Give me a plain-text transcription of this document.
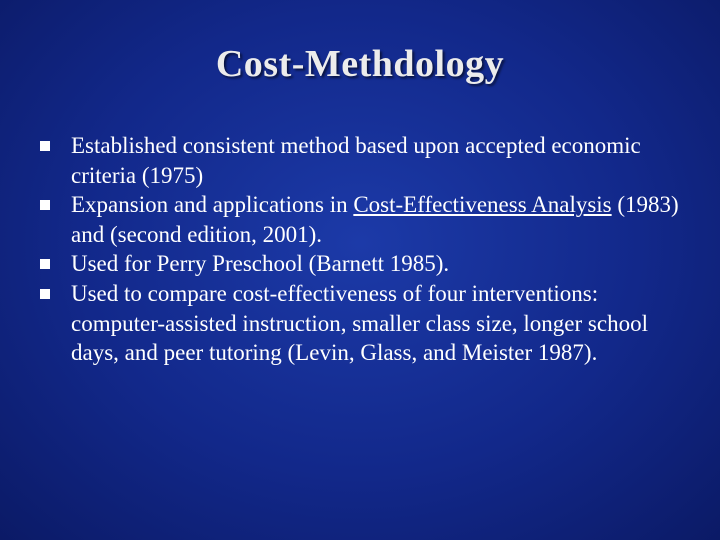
Cost-Methdology
Established consistent method based upon accepted economic criteria (1975)
Expansion and applications in Cost-Effectiveness Analysis (1983) and (second edition, 2001).
Used for Perry Preschool (Barnett 1985).
Used to compare cost-effectiveness of four interventions: computer-assisted instruction, smaller class size, longer school days, and peer tutoring (Levin, Glass, and Meister 1987).
